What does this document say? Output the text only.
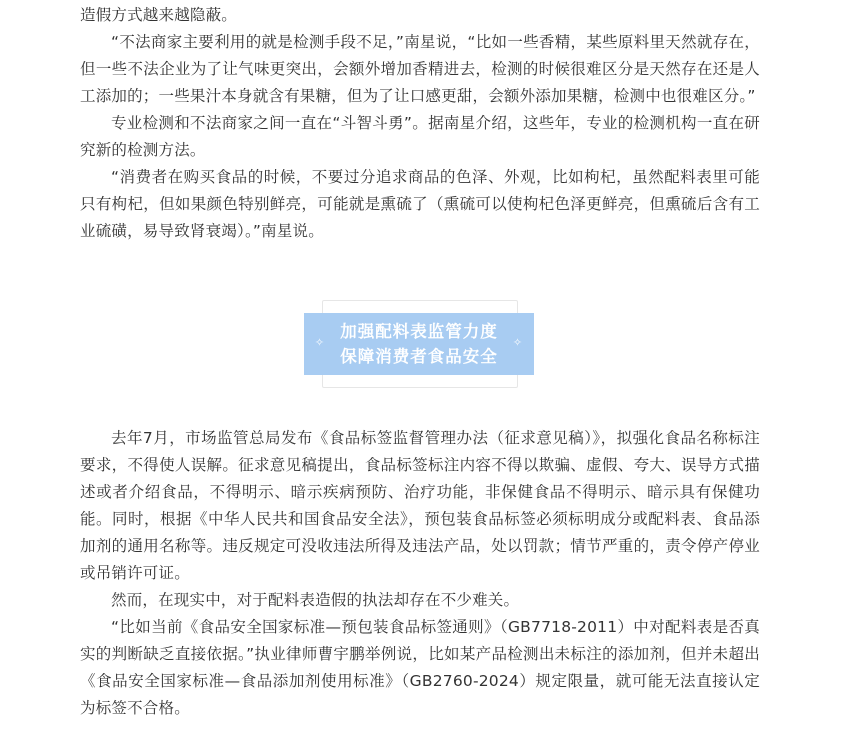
造假方式越来越隐蔽。

“不法商家主要利用的就是检测手段不足，”南星说，“比如一些香精，某些原料里天然就存在，但一些不法企业为了让气味更突出，会额外增加香精进去，检测的时候很难区分是天然存在还是人工添加的；一些果汁本身就含有果糖，但为了让口感更甜，会额外添加果糖，检测中也很难区分。”

专业检测和不法商家之间一直在“斗智斗勇”。据南星介绍，这些年，专业的检测机构一直在研究新的检测方法。

“消费者在购买食品的时候，不要过分追求商品的色泽、外观，比如枸杞，虽然配料表里可能只有枸杞，但如果颜色特别鲜亮，可能就是熏硫了（熏硫可以使枸杞色泽更鲜亮，但熏硫后含有工业硫磺，易导致肾衰竭）。”南星说。

✧
加强配料表监管力度
保障消费者食品安全
✧

去年7月，市场监管总局发布《食品标签监督管理办法（征求意见稿）》，拟强化食品名称标注要求，不得使人误解。征求意见稿提出，食品标签标注内容不得以欺骗、虚假、夸大、误导方式描述或者介绍食品，不得明示、暗示疾病预防、治疗功能，非保健食品不得明示、暗示具有保健功能。同时，根据《中华人民共和国食品安全法》，预包装食品标签必须标明成分或配料表、食品添加剂的通用名称等。违反规定可没收违法所得及违法产品，处以罚款；情节严重的，责令停产停业或吊销许可证。

然而，在现实中，对于配料表造假的执法却存在不少难关。

“比如当前《食品安全国家标准—预包装食品标签通则》（GB7718-2011）中对配料表是否真实的判断缺乏直接依据。”执业律师曹宇鹏举例说，比如某产品检测出未标注的添加剂，但并未超出《食品安全国家标准—食品添加剂使用标准》（GB2760-2024）规定限量，就可能无法直接认定为标签不合格。
